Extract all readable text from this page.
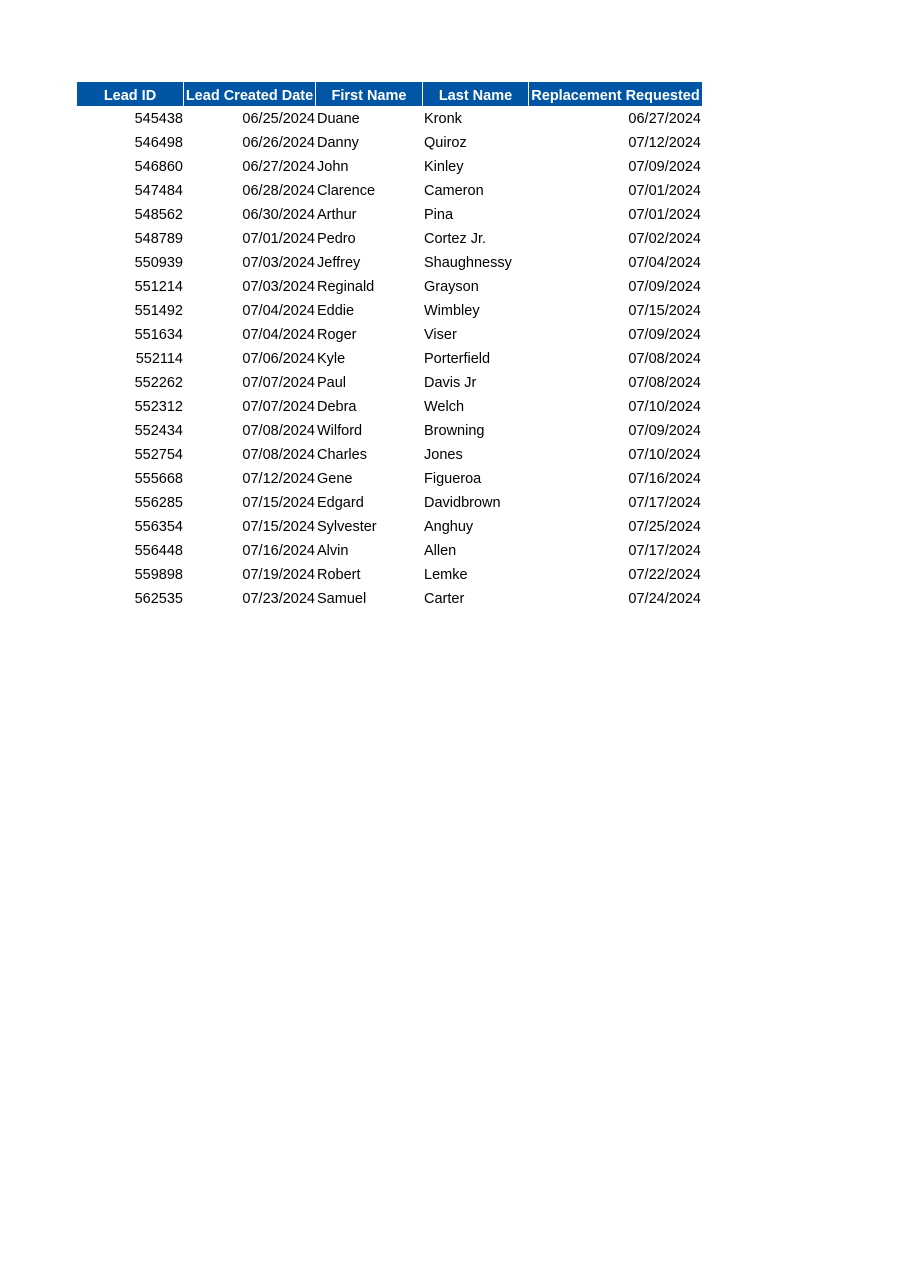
Lead ID	Lead Created Date	First Name	Last Name	Replacement Requested
545438	06/25/2024 Duane	Kronk	06/27/2024
546498	06/26/2024 Danny	Quiroz	07/12/2024
546860	06/27/2024 John	Kinley	07/09/2024
547484	06/28/2024 Clarence	Cameron	07/01/2024
548562	06/30/2024 Arthur	Pina	07/01/2024
548789	07/01/2024 Pedro	Cortez Jr.	07/02/2024
550939	07/03/2024 Jeffrey	Shaughnessy	07/04/2024
551214	07/03/2024 Reginald	Grayson	07/09/2024
551492	07/04/2024 Eddie	Wimbley	07/15/2024
551634	07/04/2024 Roger	Viser	07/09/2024
552114	07/06/2024 Kyle	Porterfield	07/08/2024
552262	07/07/2024 Paul	Davis Jr	07/08/2024
552312	07/07/2024 Debra	Welch	07/10/2024
552434	07/08/2024 Wilford	Browning	07/09/2024
552754	07/08/2024 Charles	Jones	07/10/2024
555668	07/12/2024 Gene	Figueroa	07/16/2024
556285	07/15/2024 Edgard	Davidbrown	07/17/2024
556354	07/15/2024 Sylvester	Anghuy	07/25/2024
556448	07/16/2024 Alvin	Allen	07/17/2024
559898	07/19/2024 Robert	Lemke	07/22/2024
562535	07/23/2024 Samuel	Carter	07/24/2024
